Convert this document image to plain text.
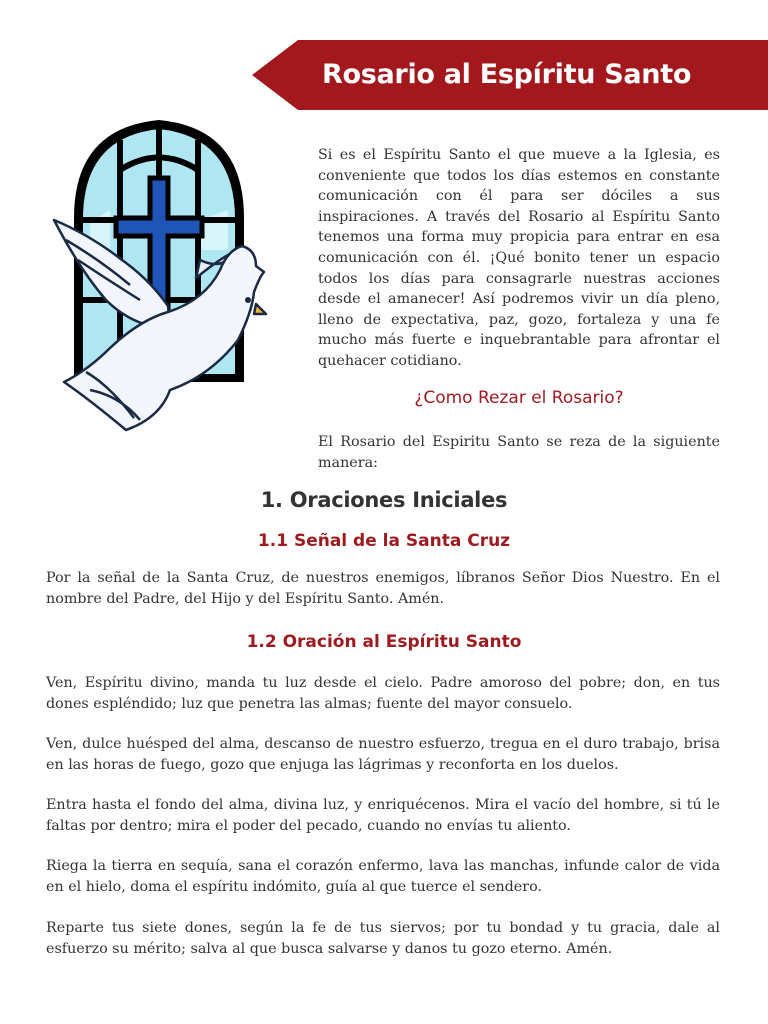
Rosario al Espíritu Santo

Si es el Espíritu Santo el que mueve a la Iglesia, es conveniente que todos los días estemos en constante comunicación con él para ser dóciles a sus inspiraciones. A través del Rosario al Espíritu Santo tenemos una forma muy propicia para entrar en esa comunicación con él. ¡Qué bonito tener un espacio todos los días para consagrarle nuestras acciones desde el amanecer! Así podremos vivir un día pleno, lleno de expectativa, paz, gozo, fortaleza y una fe mucho más fuerte e inquebrantable para afrontar el quehacer cotidiano.

¿Como Rezar el Rosario?

El Rosario del Espiritu Santo se reza de la siguiente manera:

1. Oraciones Iniciales
1.1 Señal de la Santa Cruz

Por la señal de la Santa Cruz, de nuestros enemigos, líbranos Señor Dios Nuestro. En el nombre del Padre, del Hijo y del Espíritu Santo. Amén.

1.2 Oración al Espíritu Santo

Ven, Espíritu divino, manda tu luz desde el cielo. Padre amoroso del pobre; don, en tus dones espléndido; luz que penetra las almas; fuente del mayor consuelo.

Ven, dulce huésped del alma, descanso de nuestro esfuerzo, tregua en el duro trabajo, brisa en las horas de fuego, gozo que enjuga las lágrimas y reconforta en los duelos.

Entra hasta el fondo del alma, divina luz, y enriquécenos. Mira el vacío del hombre, si tú le faltas por dentro; mira el poder del pecado, cuando no envías tu aliento.

Riega la tierra en sequía, sana el corazón enfermo, lava las manchas, infunde calor de vida en el hielo, doma el espíritu indómito, guía al que tuerce el sendero.

Reparte tus siete dones, según la fe de tus siervos; por tu bondad y tu gracia, dale al esfuerzo su mérito; salva al que busca salvarse y danos tu gozo eterno. Amén.
